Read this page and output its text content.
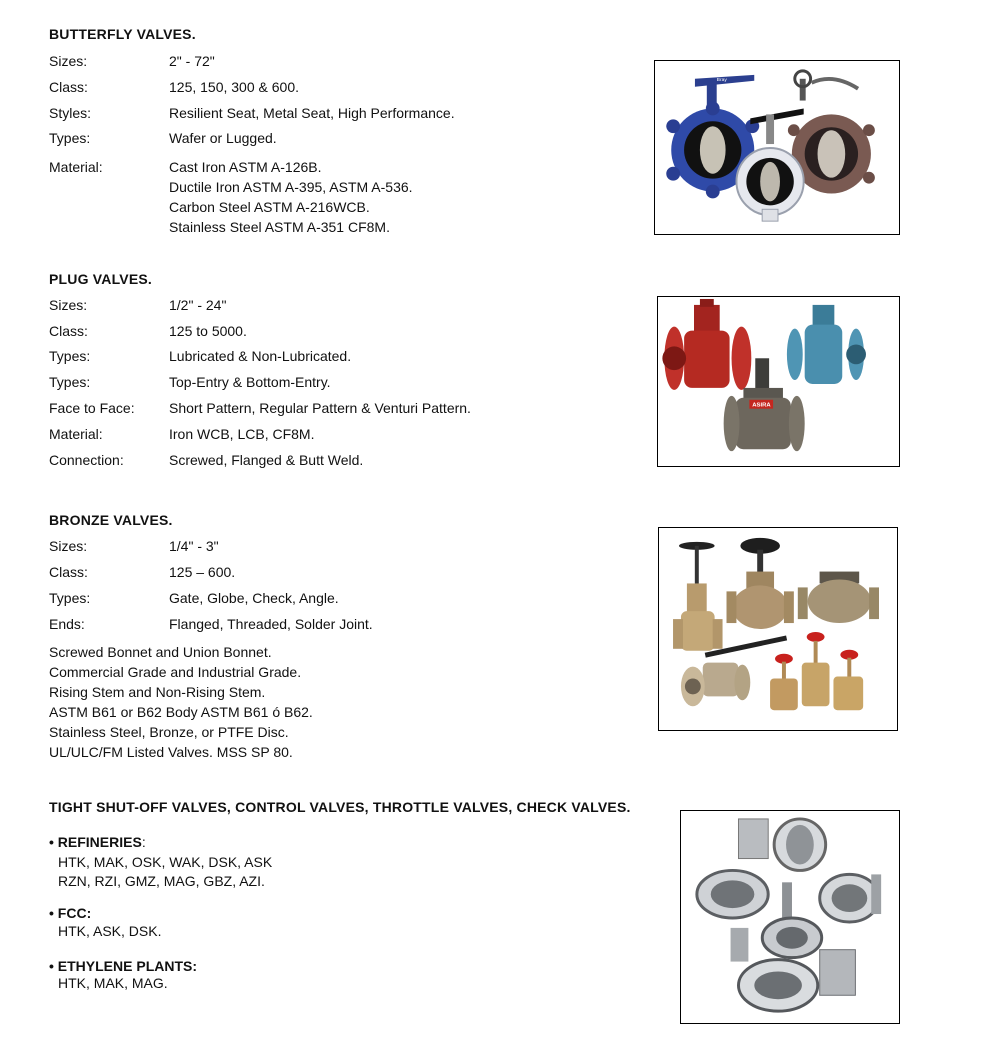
BUTTERFLY VALVES.
Sizes:	2" - 72"
Class:	125, 150, 300 & 600.
Styles:	Resilient Seat, Metal Seat, High Performance.
Types:	Wafer or Lugged.
Material:	Cast Iron ASTM A-126B.
Ductile Iron ASTM A-395, ASTM A-536.
Carbon Steel ASTM A-216WCB.
Stainless Steel ASTM A-351 CF8M.
Bray
PLUG VALVES.
Sizes:	1/2" - 24"
Class:	125 to 5000.
Types:	Lubricated & Non-Lubricated.
Types:	Top-Entry & Bottom-Entry.
Face to Face: Short Pattern, Regular Pattern & Venturi Pattern.
Material:	Iron WCB, LCB, CF8M.
Connection:	Screwed, Flanged & Butt Weld.
ASIRA
BRONZE VALVES.
Sizes:	1/4" - 3"
Class:	125 – 600.
Types:	Gate, Globe, Check, Angle.
Ends:	Flanged, Threaded, Solder Joint.
Screwed Bonnet and Union Bonnet.
Commercial Grade and Industrial Grade.
Rising Stem and Non-Rising Stem.
ASTM B61 or B62 Body ASTM B61 ó B62.
Stainless Steel, Bronze, or PTFE Disc.
UL/ULC/FM Listed Valves. MSS SP 80.
TIGHT SHUT-OFF VALVES, CONTROL VALVES, THROTTLE VALVES, CHECK VALVES.
• REFINERIES:
HTK, MAK, OSK, WAK, DSK, ASK
RZN, RZI, GMZ, MAG, GBZ, AZI.
• FCC:
HTK, ASK, DSK.
• ETHYLENE PLANTS:
HTK, MAK, MAG.
